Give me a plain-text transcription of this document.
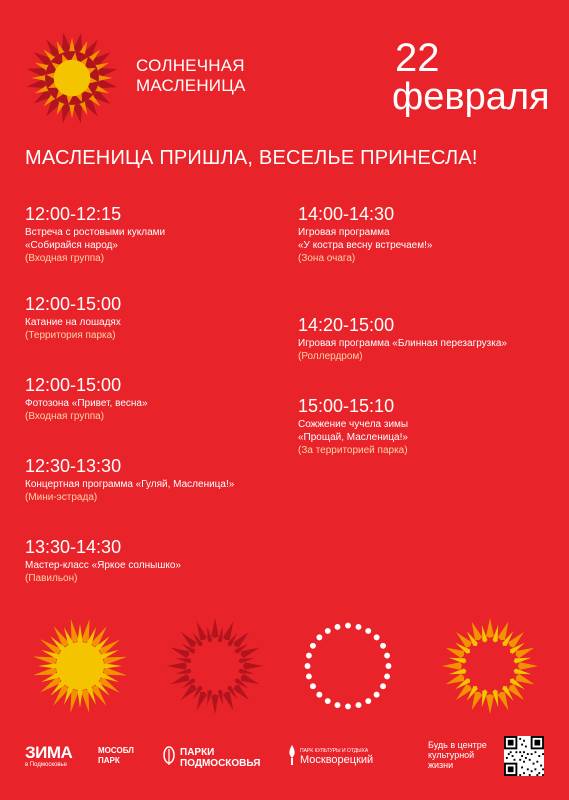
СОЛНЕЧНАЯ
МАСЛЕНИЦА
22
февраля
МАСЛЕНИЦА ПРИШЛА, ВЕСЕЛЬЕ ПРИНЕСЛА!
12:00-12:15
Встреча с ростовыми куклами
«Собирайся народ»
(Входная группа)
12:00-15:00
Катание на лошадях
(Территория парка)
12:00-15:00
Фотозона «Привет, весна»
(Входная группа)
12:30-13:30
Концертная программа «Гуляй, Масленица!»
(Мини-эстрада)
13:30-14:30
Мастер-класс «Яркое солнышко»
(Павильон)
14:00-14:30
Игровая программа
«У костра весну встречаем!»
(Зона очага)
14:20-15:00
Игровая программа «Блинная перезагрузка»
(Роллердром)
15:00-15:10
Сожжение чучела зимы
«Прощай, Масленица!»
(За территорией парка)
ЗИМА
в Подмосковье
МОСОБЛ
ПАРК
ПАРКИ
ПОДМОСКОВЬЯ
ПАРК КУЛЬТУРЫ И ОТДЫХА
Москворецкий
Будь в центре
культурной
жизни
